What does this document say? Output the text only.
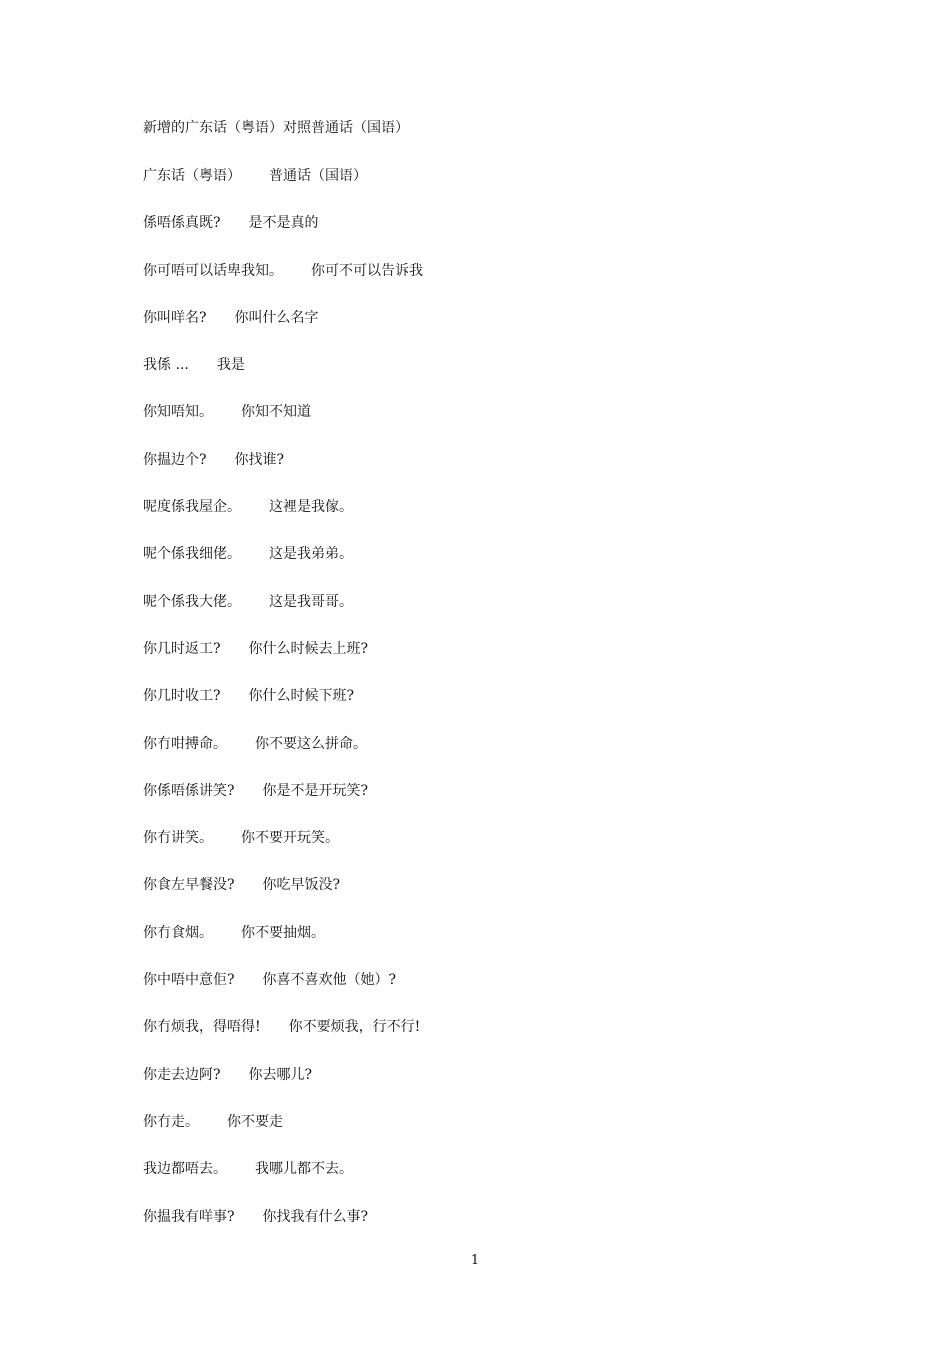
新增的广东话（粤语）对照普通话（国语）
广东话（粤语） 普通话（国语）
係唔係真既? 是不是真的
你可唔可以话卑我知。 你可不可以告诉我
你叫咩名? 你叫什么名字
我係 ... 我是
你知唔知。 你知不知道
你揾边个? 你找谁?
呢度係我屋企。 这裡是我傢。
呢个係我细佬。 这是我弟弟。
呢个係我大佬。 这是我哥哥。
你几时返工? 你什么时候去上班?
你几时收工? 你什么时候下班?
你冇咁搏命。 你不要这么拼命。
你係唔係讲笑? 你是不是开玩笑?
你冇讲笑。 你不要开玩笑。
你食左早餐没? 你吃早饭没?
你冇食烟。 你不要抽烟。
你中唔中意佢? 你喜不喜欢他（她）?
你冇烦我，得唔得! 你不要烦我，行不行!
你走去边阿? 你去哪儿?
你冇走。 你不要走
我边都唔去。 我哪儿都不去。
你揾我有咩事? 你找我有什么事?
1
